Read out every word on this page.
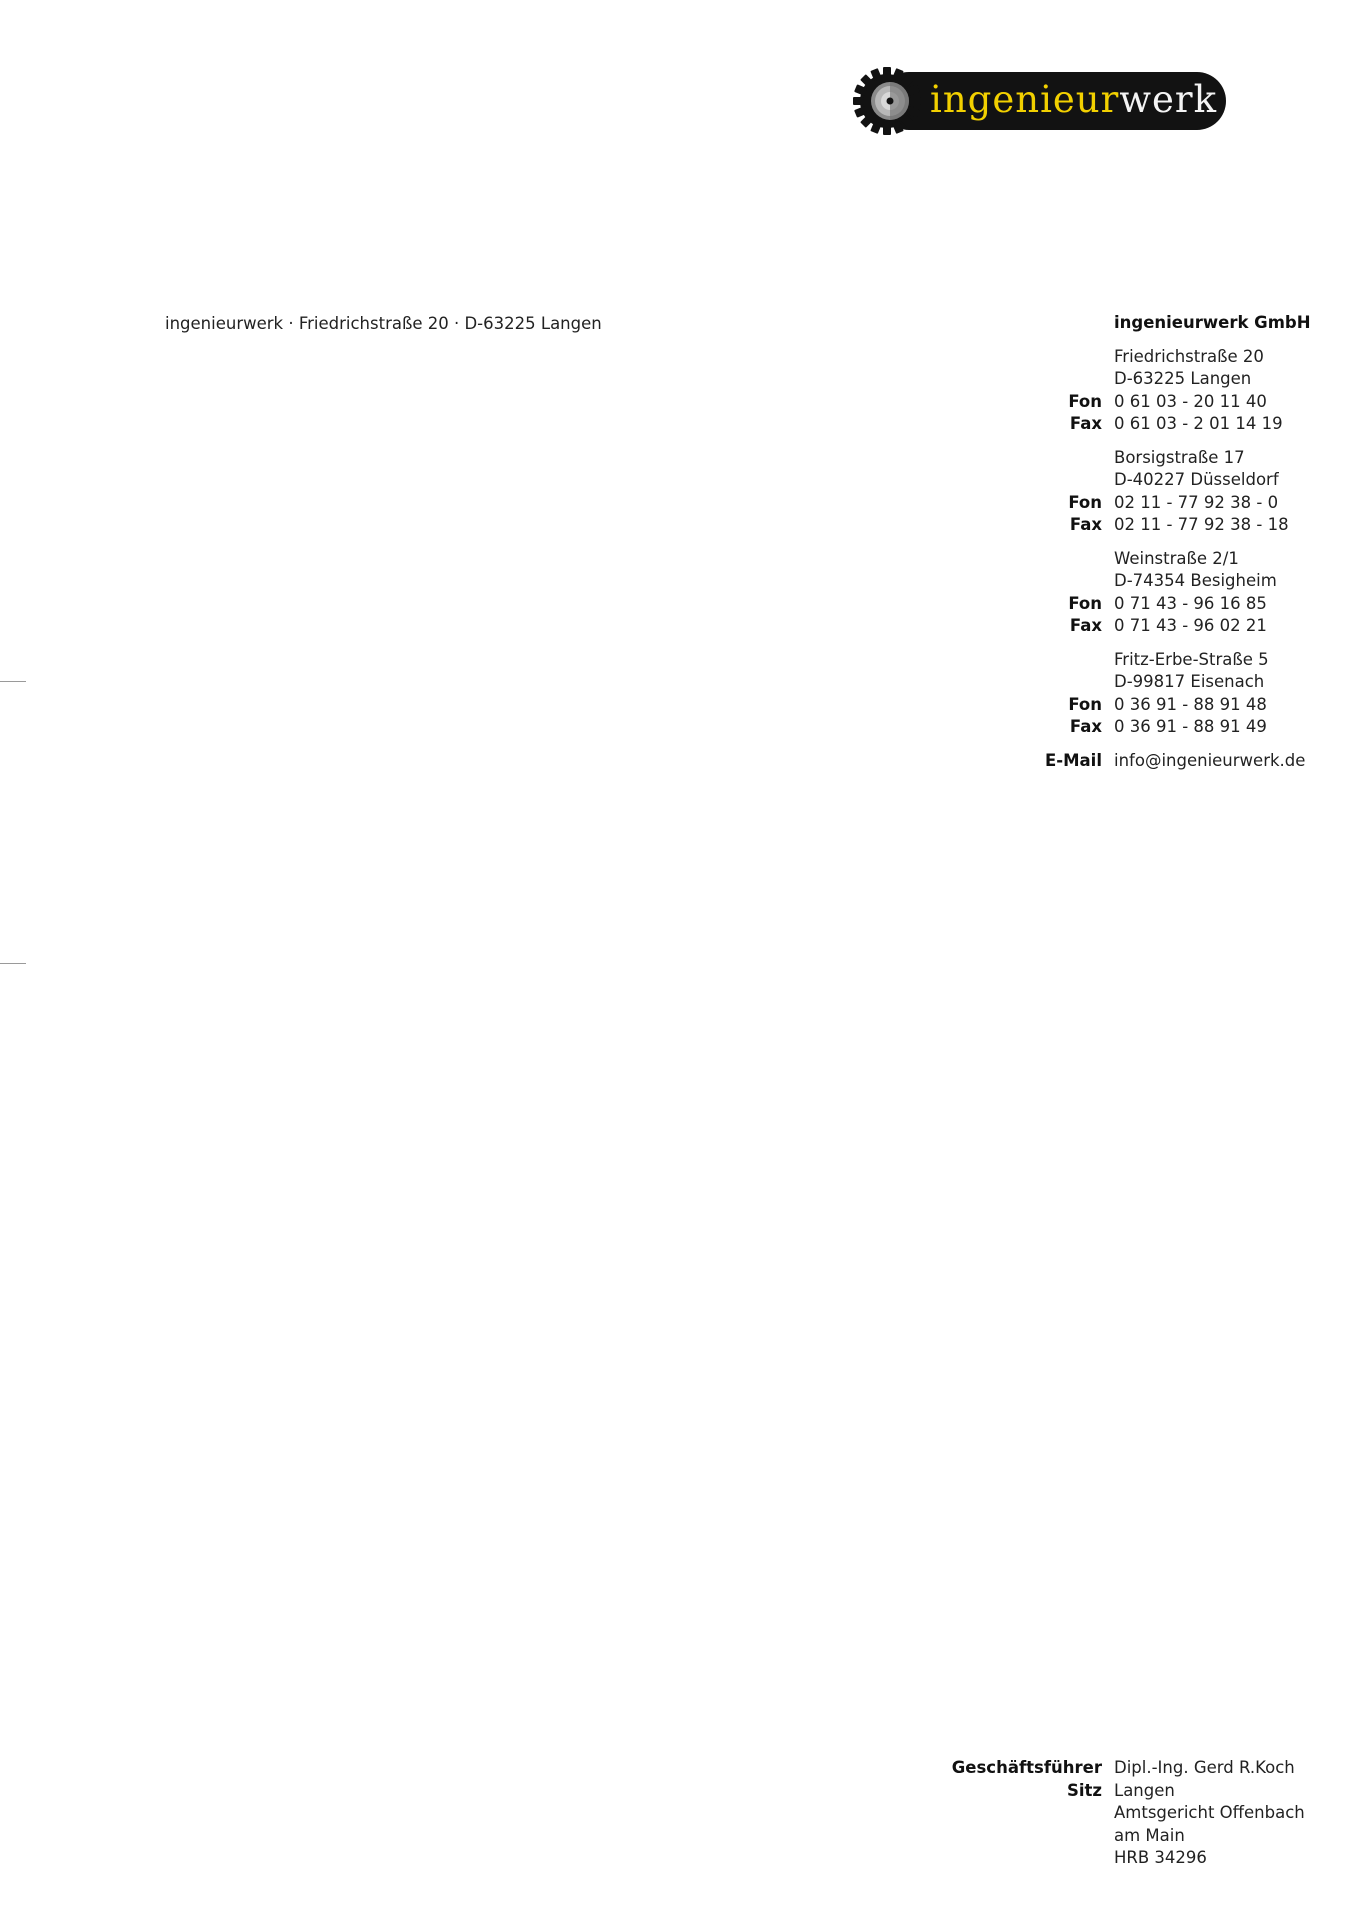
ingenieurwerk
ingenieurwerk · Friedrichstraße 20 · D-63225 Langen	ingenieurwerk GmbH
Friedrichstraße 20
D-63225 Langen
Fon 0 61 03 - 20 11 40
Fax 0 61 03 - 2 01 14 19
Borsigstraße 17
D-40227 Düsseldorf
Fon 02 11 - 77 92 38 - 0
Fax 02 11 - 77 92 38 - 18
Weinstraße 2/1
D-74354 Besigheim
Fon 0 71 43 - 96 16 85
Fax 0 71 43 - 96 02 21
Fritz-Erbe-Straße 5
D-99817 Eisenach
Fon 0 36 91 - 88 91 48
Fax 0 36 91 - 88 91 49
E-Mail info@ingenieurwerk.de
Geschäftsführer Dipl.-Ing. Gerd R.Koch
Sitz Langen
Amtsgericht Offenbach
am Main
HRB 34296
